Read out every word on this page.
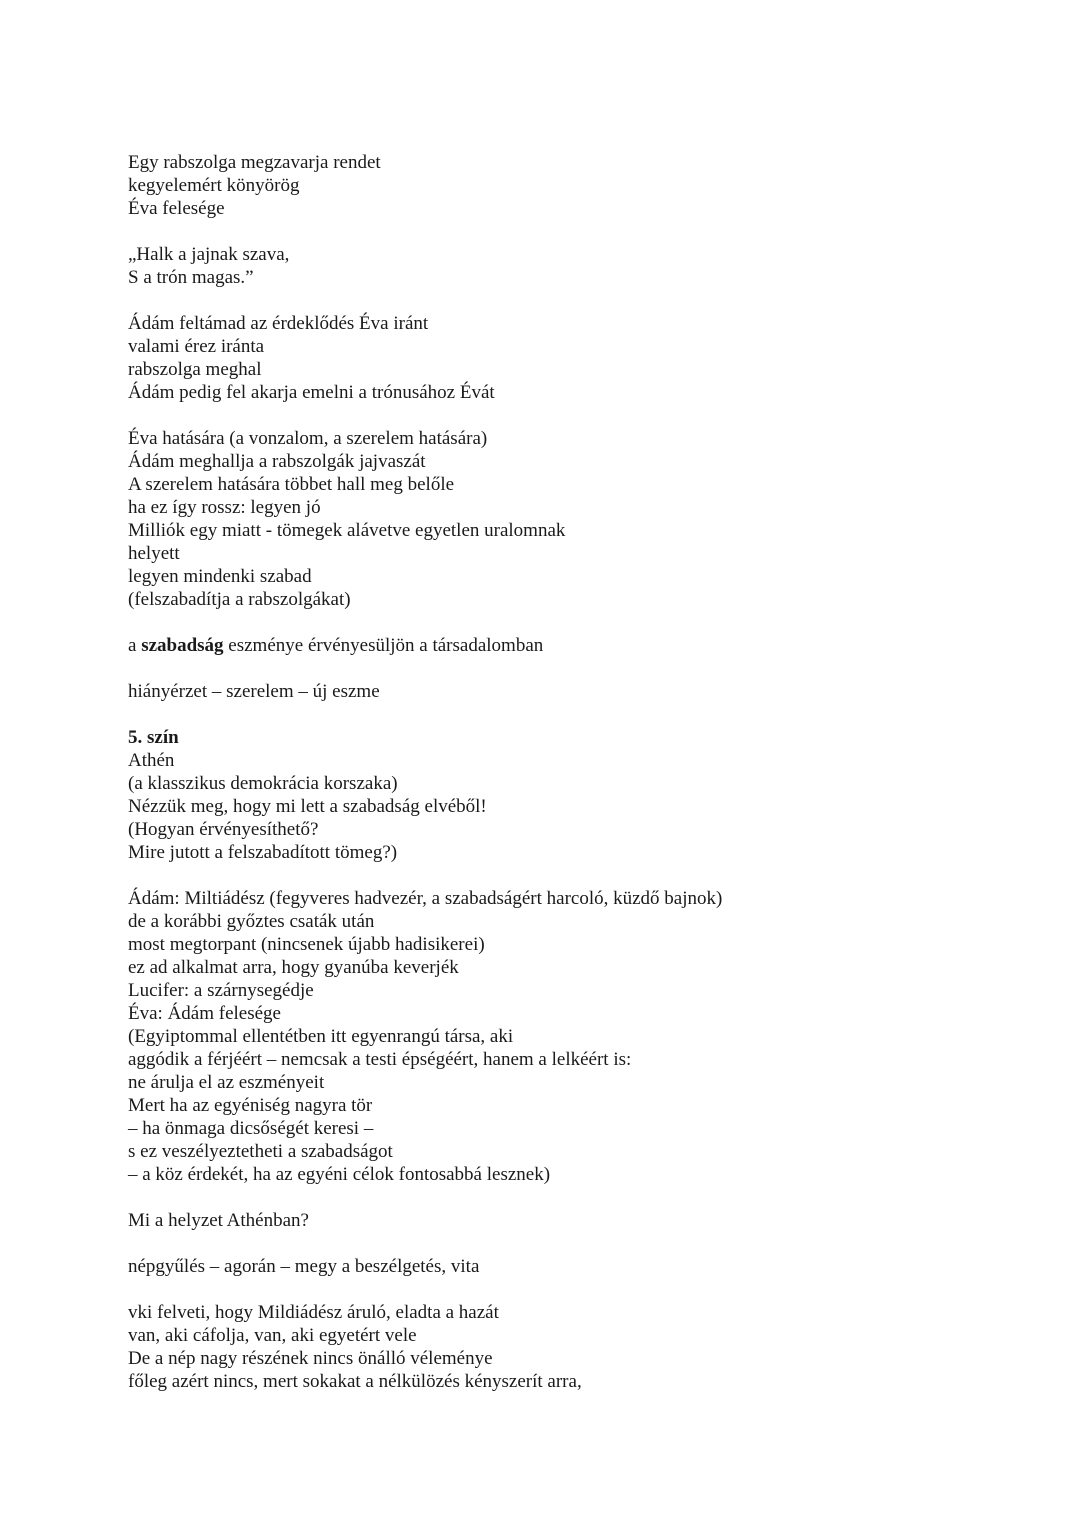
Egy rabszolga megzavarja rendet
kegyelemért könyörög
Éva felesége
„Halk a jajnak szava,
S a trón magas.”
Ádám feltámad az érdeklődés Éva iránt
valami érez iránta
rabszolga meghal
Ádám pedig fel akarja emelni a trónusához Évát
Éva hatására (a vonzalom, a szerelem hatására)
Ádám meghallja a rabszolgák jajvaszát
A szerelem hatására többet hall meg belőle
ha ez így rossz: legyen jó
Milliók egy miatt - tömegek alávetve egyetlen uralomnak
helyett
legyen mindenki szabad
(felszabadítja a rabszolgákat)
a szabadság eszménye érvényesüljön a társadalomban
hiányérzet – szerelem – új eszme
5. szín
Athén
(a klasszikus demokrácia korszaka)
Nézzük meg, hogy mi lett a szabadság elvéből!
(Hogyan érvényesíthető?
Mire jutott a felszabadított tömeg?)
Ádám: Miltiádész (fegyveres hadvezér, a szabadságért harcoló, küzdő bajnok)
de a korábbi győztes csaták után
most megtorpant (nincsenek újabb hadisikerei)
ez ad alkalmat arra, hogy gyanúba keverjék
Lucifer: a szárnysegédje
Éva: Ádám felesége
(Egyiptommal ellentétben itt egyenrangú társa, aki
aggódik a férjéért – nemcsak a testi épségéért, hanem a lelkéért is:
ne árulja el az eszményeit
Mert ha az egyéniség nagyra tör
– ha önmaga dicsőségét keresi –
s ez veszélyeztetheti a szabadságot
– a köz érdekét, ha az egyéni célok fontosabbá lesznek)
Mi a helyzet Athénban?
népgyűlés – agorán – megy a beszélgetés, vita
vki felveti, hogy Mildiádész áruló, eladta a hazát
van, aki cáfolja, van, aki egyetért vele
De a nép nagy részének nincs önálló véleménye
főleg azért nincs, mert sokakat a nélkülözés kényszerít arra,
